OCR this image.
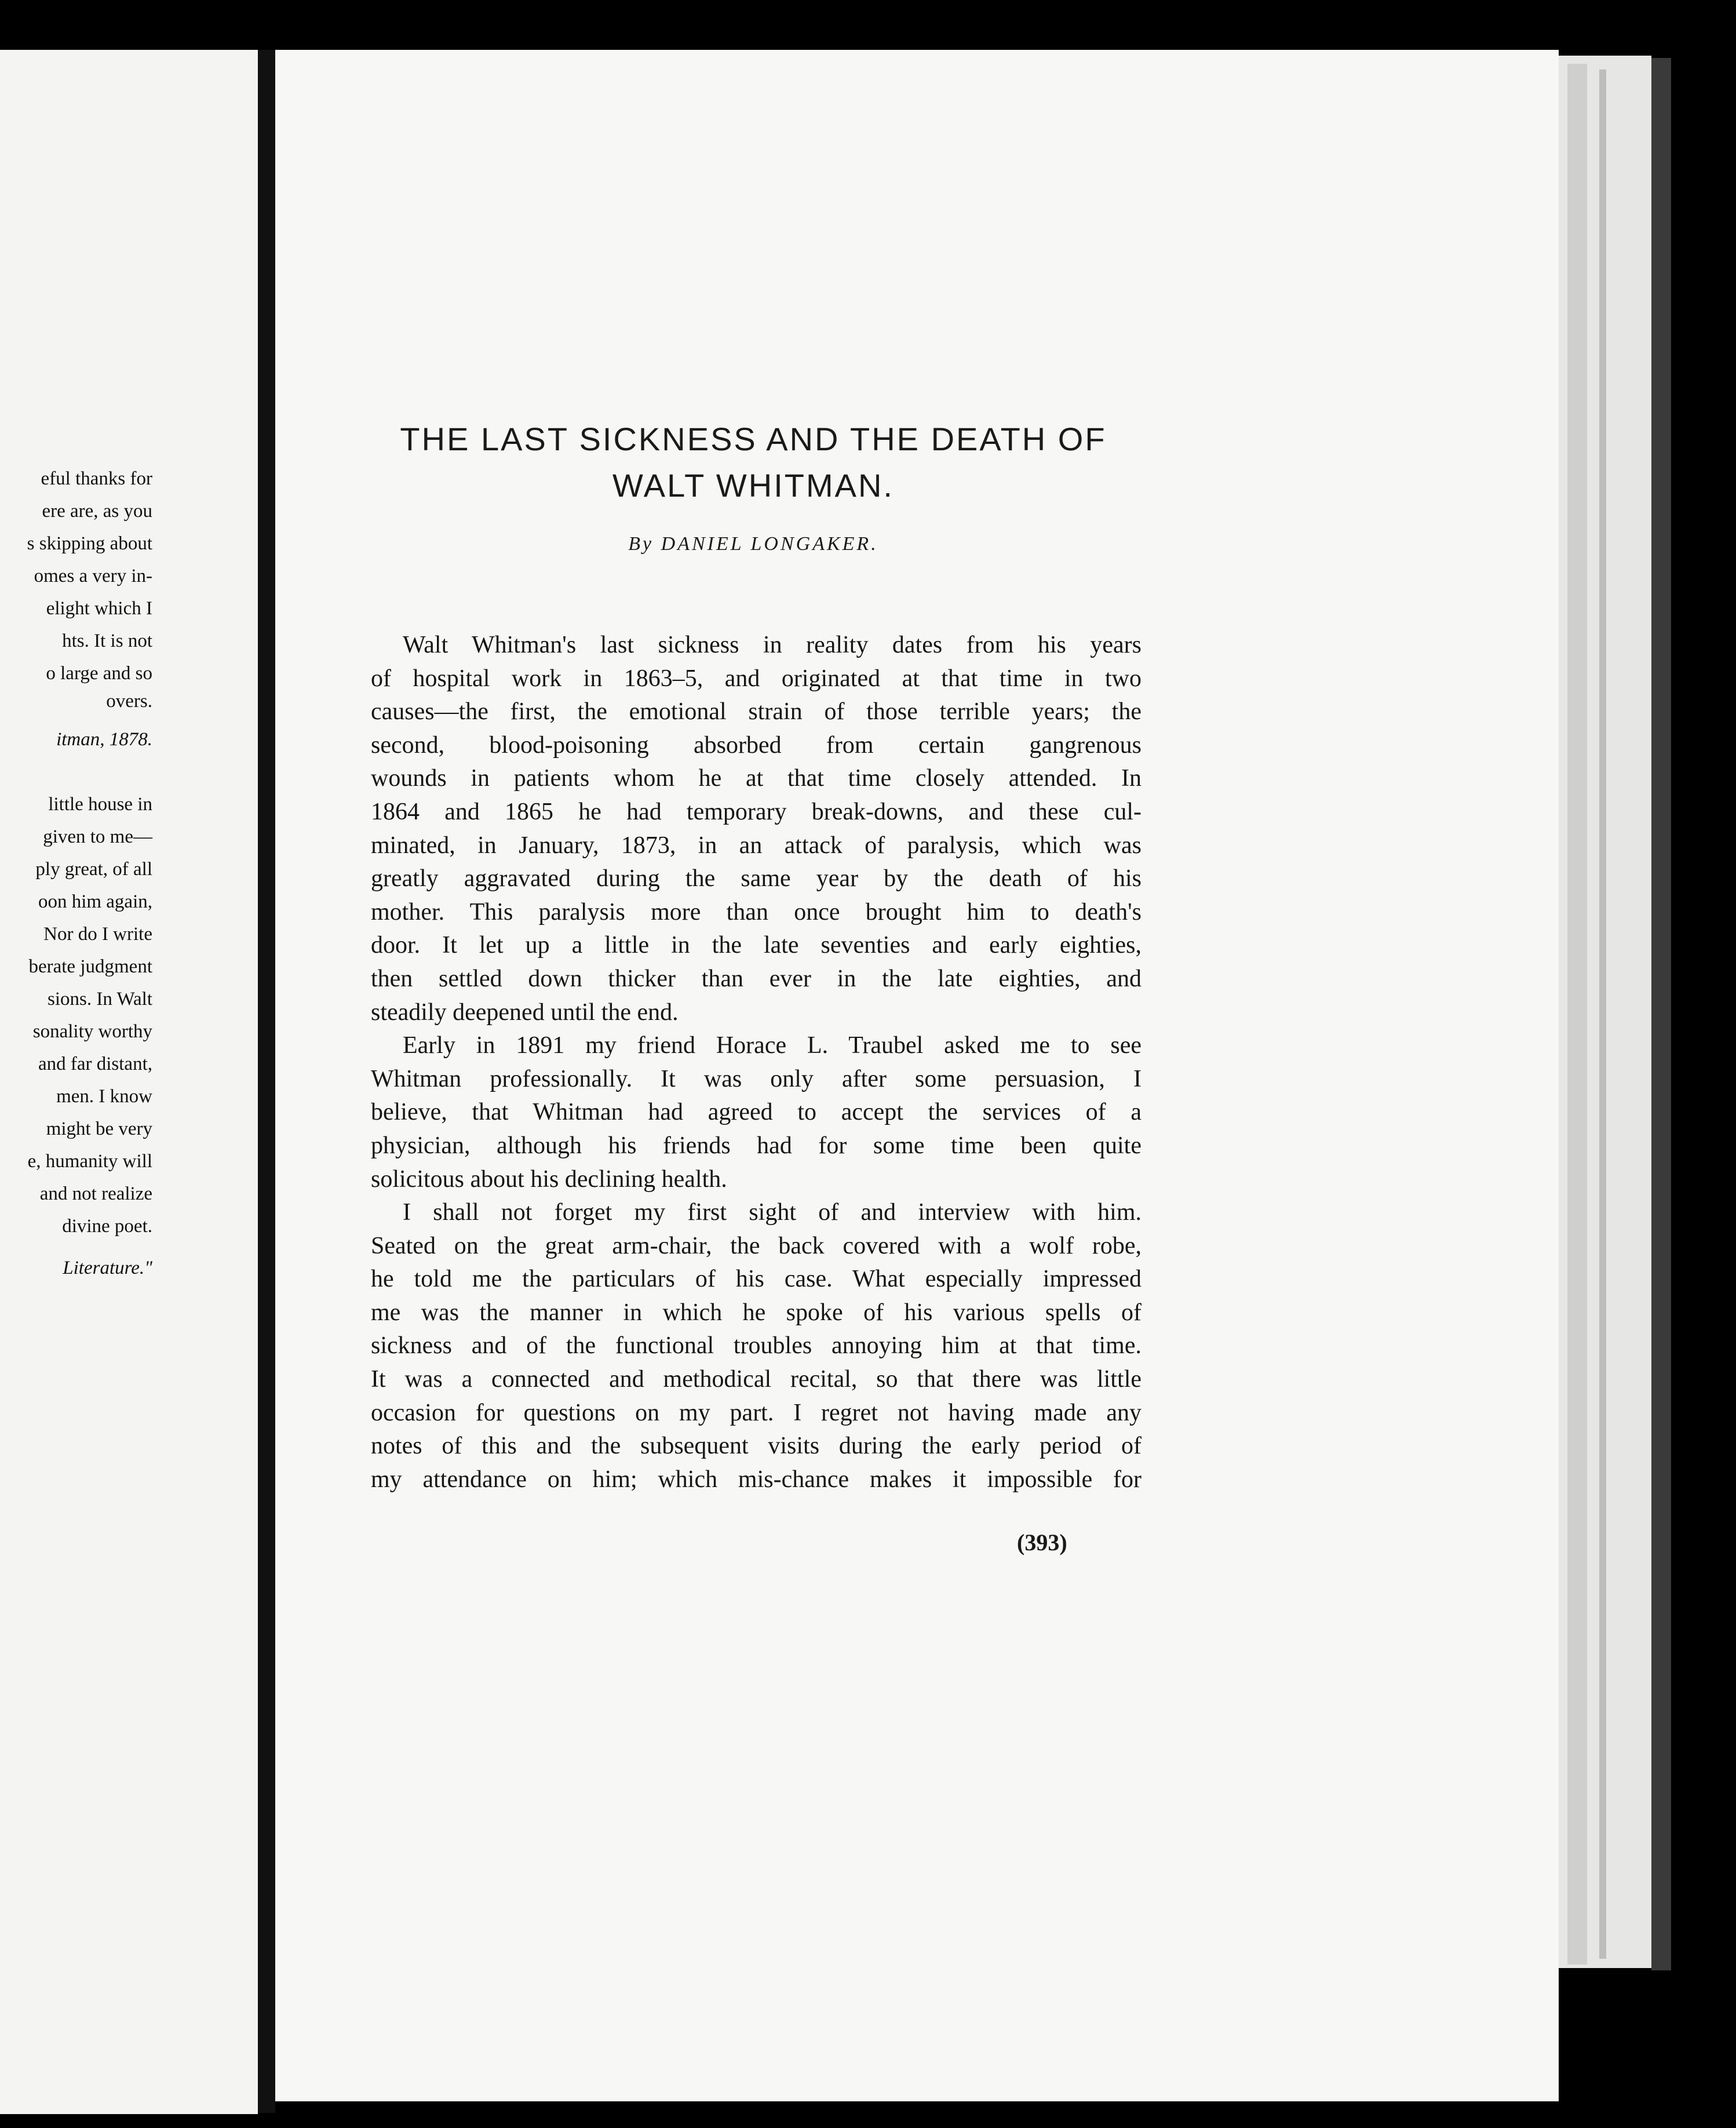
eful thanks for
ere are, as you
s skipping about
omes a very in-
elight which I
hts. It is not
o large and so
overs.
itman, 1878.
little house in
given to me—
ply great, of all
oon him again,
Nor do I write
berate judgment
sions. In Walt
sonality worthy
and far distant,
men. I know
might be very
e, humanity will
and not realize
divine poet.
Literature."
THE LAST SICKNESS AND THE DEATH OF
WALT WHITMAN.
By DANIEL LONGAKER.
Walt Whitman's last sickness in reality dates from his years
of hospital work in 1863–5, and originated at that time in two
causes—the first, the emotional strain of those terrible years; the
second, blood-poisoning absorbed from certain gangrenous
wounds in patients whom he at that time closely attended. In
1864 and 1865 he had temporary break-downs, and these cul-
minated, in January, 1873, in an attack of paralysis, which was
greatly aggravated during the same year by the death of his
mother. This paralysis more than once brought him to death's
door. It let up a little in the late seventies and early eighties,
then settled down thicker than ever in the late eighties, and
steadily deepened until the end.
Early in 1891 my friend Horace L. Traubel asked me to see
Whitman professionally. It was only after some persuasion, I
believe, that Whitman had agreed to accept the services of a
physician, although his friends had for some time been quite
solicitous about his declining health.
I shall not forget my first sight of and interview with him.
Seated on the great arm-chair, the back covered with a wolf robe,
he told me the particulars of his case. What especially impressed
me was the manner in which he spoke of his various spells of
sickness and of the functional troubles annoying him at that time.
It was a connected and methodical recital, so that there was little
occasion for questions on my part. I regret not having made any
notes of this and the subsequent visits during the early period of
my attendance on him; which mis-chance makes it impossible for
(393)
